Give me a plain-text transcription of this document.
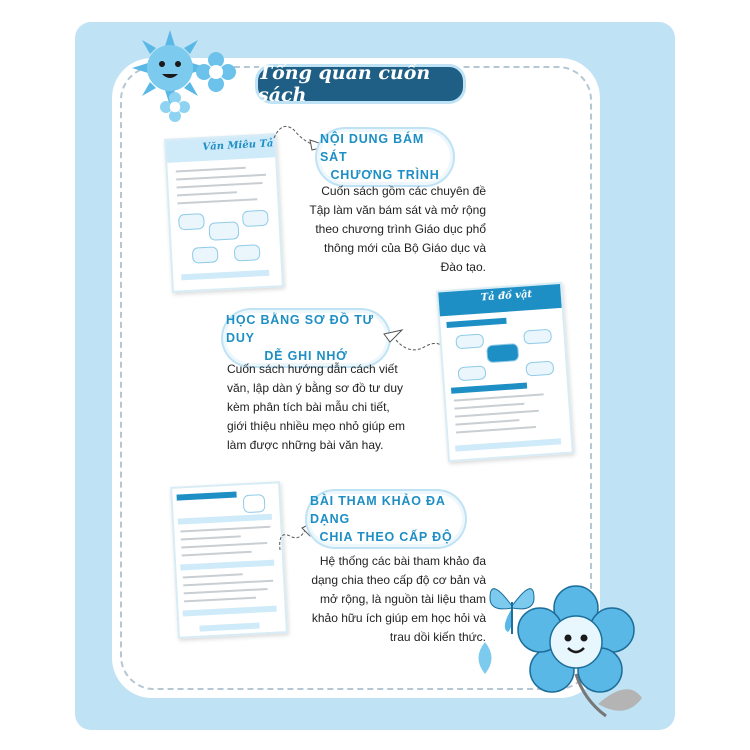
Tổng quan cuốn sách
Văn Miêu Tả	NỘI DUNG BÁM SÁT
CHƯƠNG TRÌNH
Cuốn sách gồm các chuyên đề Tập làm văn bám sát và mở rộng theo chương trình Giáo dục phổ thông mới của Bộ Giáo dục và Đào tạo.
HỌC BẰNG SƠ ĐỒ TƯ DUY
DỄ GHI NHỚ
Cuốn sách hướng dẫn cách viết văn, lập dàn ý bằng sơ đồ tư duy kèm phân tích bài mẫu chi tiết, giới thiệu nhiều mẹo nhỏ giúp em làm được những bài văn hay.
Tả đồ vật
BÀI THAM KHẢO ĐA DẠNG
CHIA THEO CẤP ĐỘ
Hệ thống các bài tham khảo đa dạng chia theo cấp độ cơ bản và mở rộng, là nguồn tài liệu tham khảo hữu ích giúp em học hỏi và trau dồi kiến thức.
